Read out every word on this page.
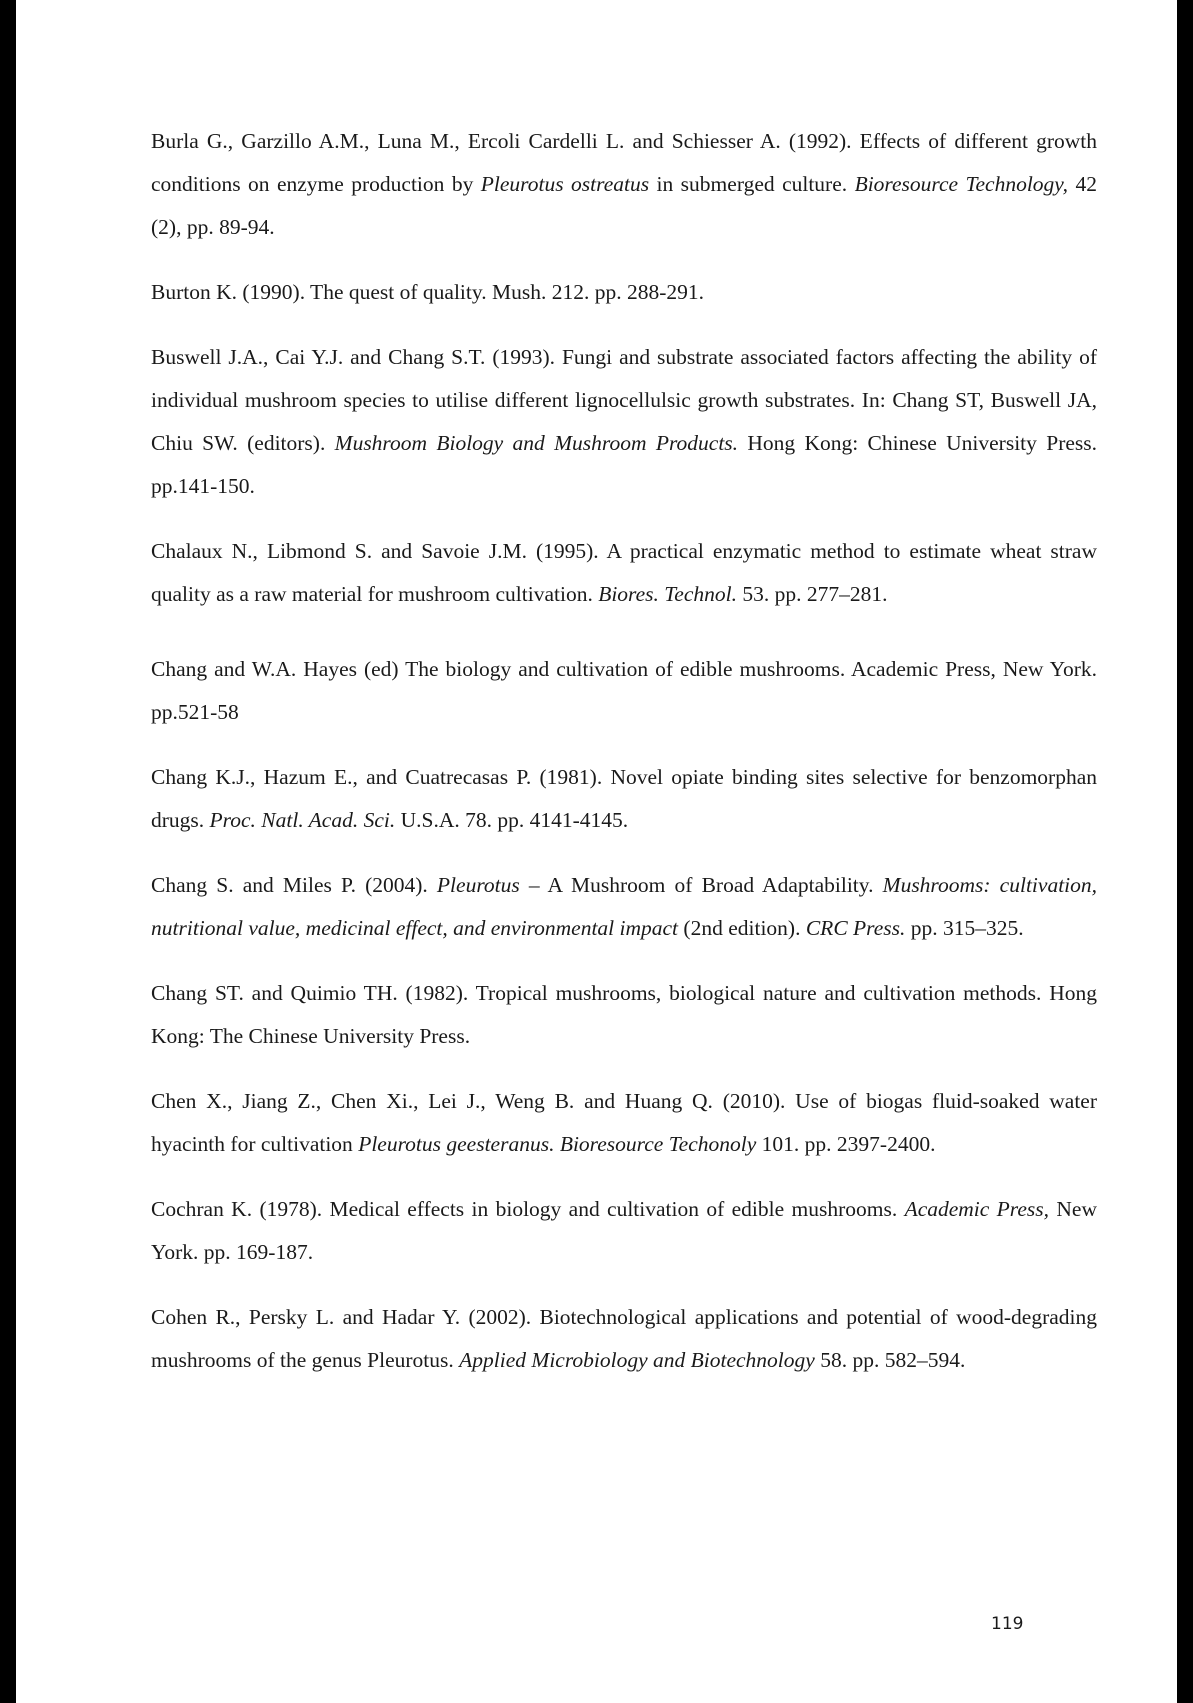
Burla G., Garzillo A.M., Luna M., Ercoli Cardelli L. and Schiesser A. (1992). Effects of different growth conditions on enzyme production by Pleurotus ostreatus in submerged culture. Bioresource Technology, 42 (2), pp. 89-94.

Burton K. (1990). The quest of quality. Mush. 212. pp. 288-291.

Buswell J.A., Cai Y.J. and Chang S.T. (1993). Fungi and substrate associated factors affecting the ability of individual mushroom species to utilise different lignocellulsic growth substrates. In: Chang ST, Buswell JA, Chiu SW. (editors). Mushroom Biology and Mushroom Products. Hong Kong: Chinese University Press. pp.141-150.

Chalaux N., Libmond S. and Savoie J.M. (1995). A practical enzymatic method to estimate wheat straw quality as a raw material for mushroom cultivation. Biores. Technol. 53. pp. 277–281.

Chang and W.A. Hayes (ed) The biology and cultivation of edible mushrooms. Academic Press, New York. pp.521-58

Chang K.J., Hazum E., and Cuatrecasas P. (1981). Novel opiate binding sites selective for benzomorphan drugs. Proc. Natl. Acad. Sci. U.S.A. 78. pp. 4141-4145.

Chang S. and Miles P. (2004). Pleurotus – A Mushroom of Broad Adaptability. Mushrooms: cultivation, nutritional value, medicinal effect, and environmental impact (2nd edition). CRC Press. pp. 315–325.

Chang ST. and Quimio TH. (1982). Tropical mushrooms, biological nature and cultivation methods. Hong Kong: The Chinese University Press.

Chen X., Jiang Z., Chen Xi., Lei J., Weng B. and Huang Q. (2010). Use of biogas fluid-soaked water hyacinth for cultivation Pleurotus geesteranus. Bioresource Techonoly 101. pp. 2397-2400.

Cochran K. (1978). Medical effects in biology and cultivation of edible mushrooms. Academic Press, New York. pp. 169-187.

Cohen R., Persky L. and Hadar Y. (2002). Biotechnological applications and potential of wood-degrading mushrooms of the genus Pleurotus. Applied Microbiology and Biotechnology 58. pp. 582–594.

119
